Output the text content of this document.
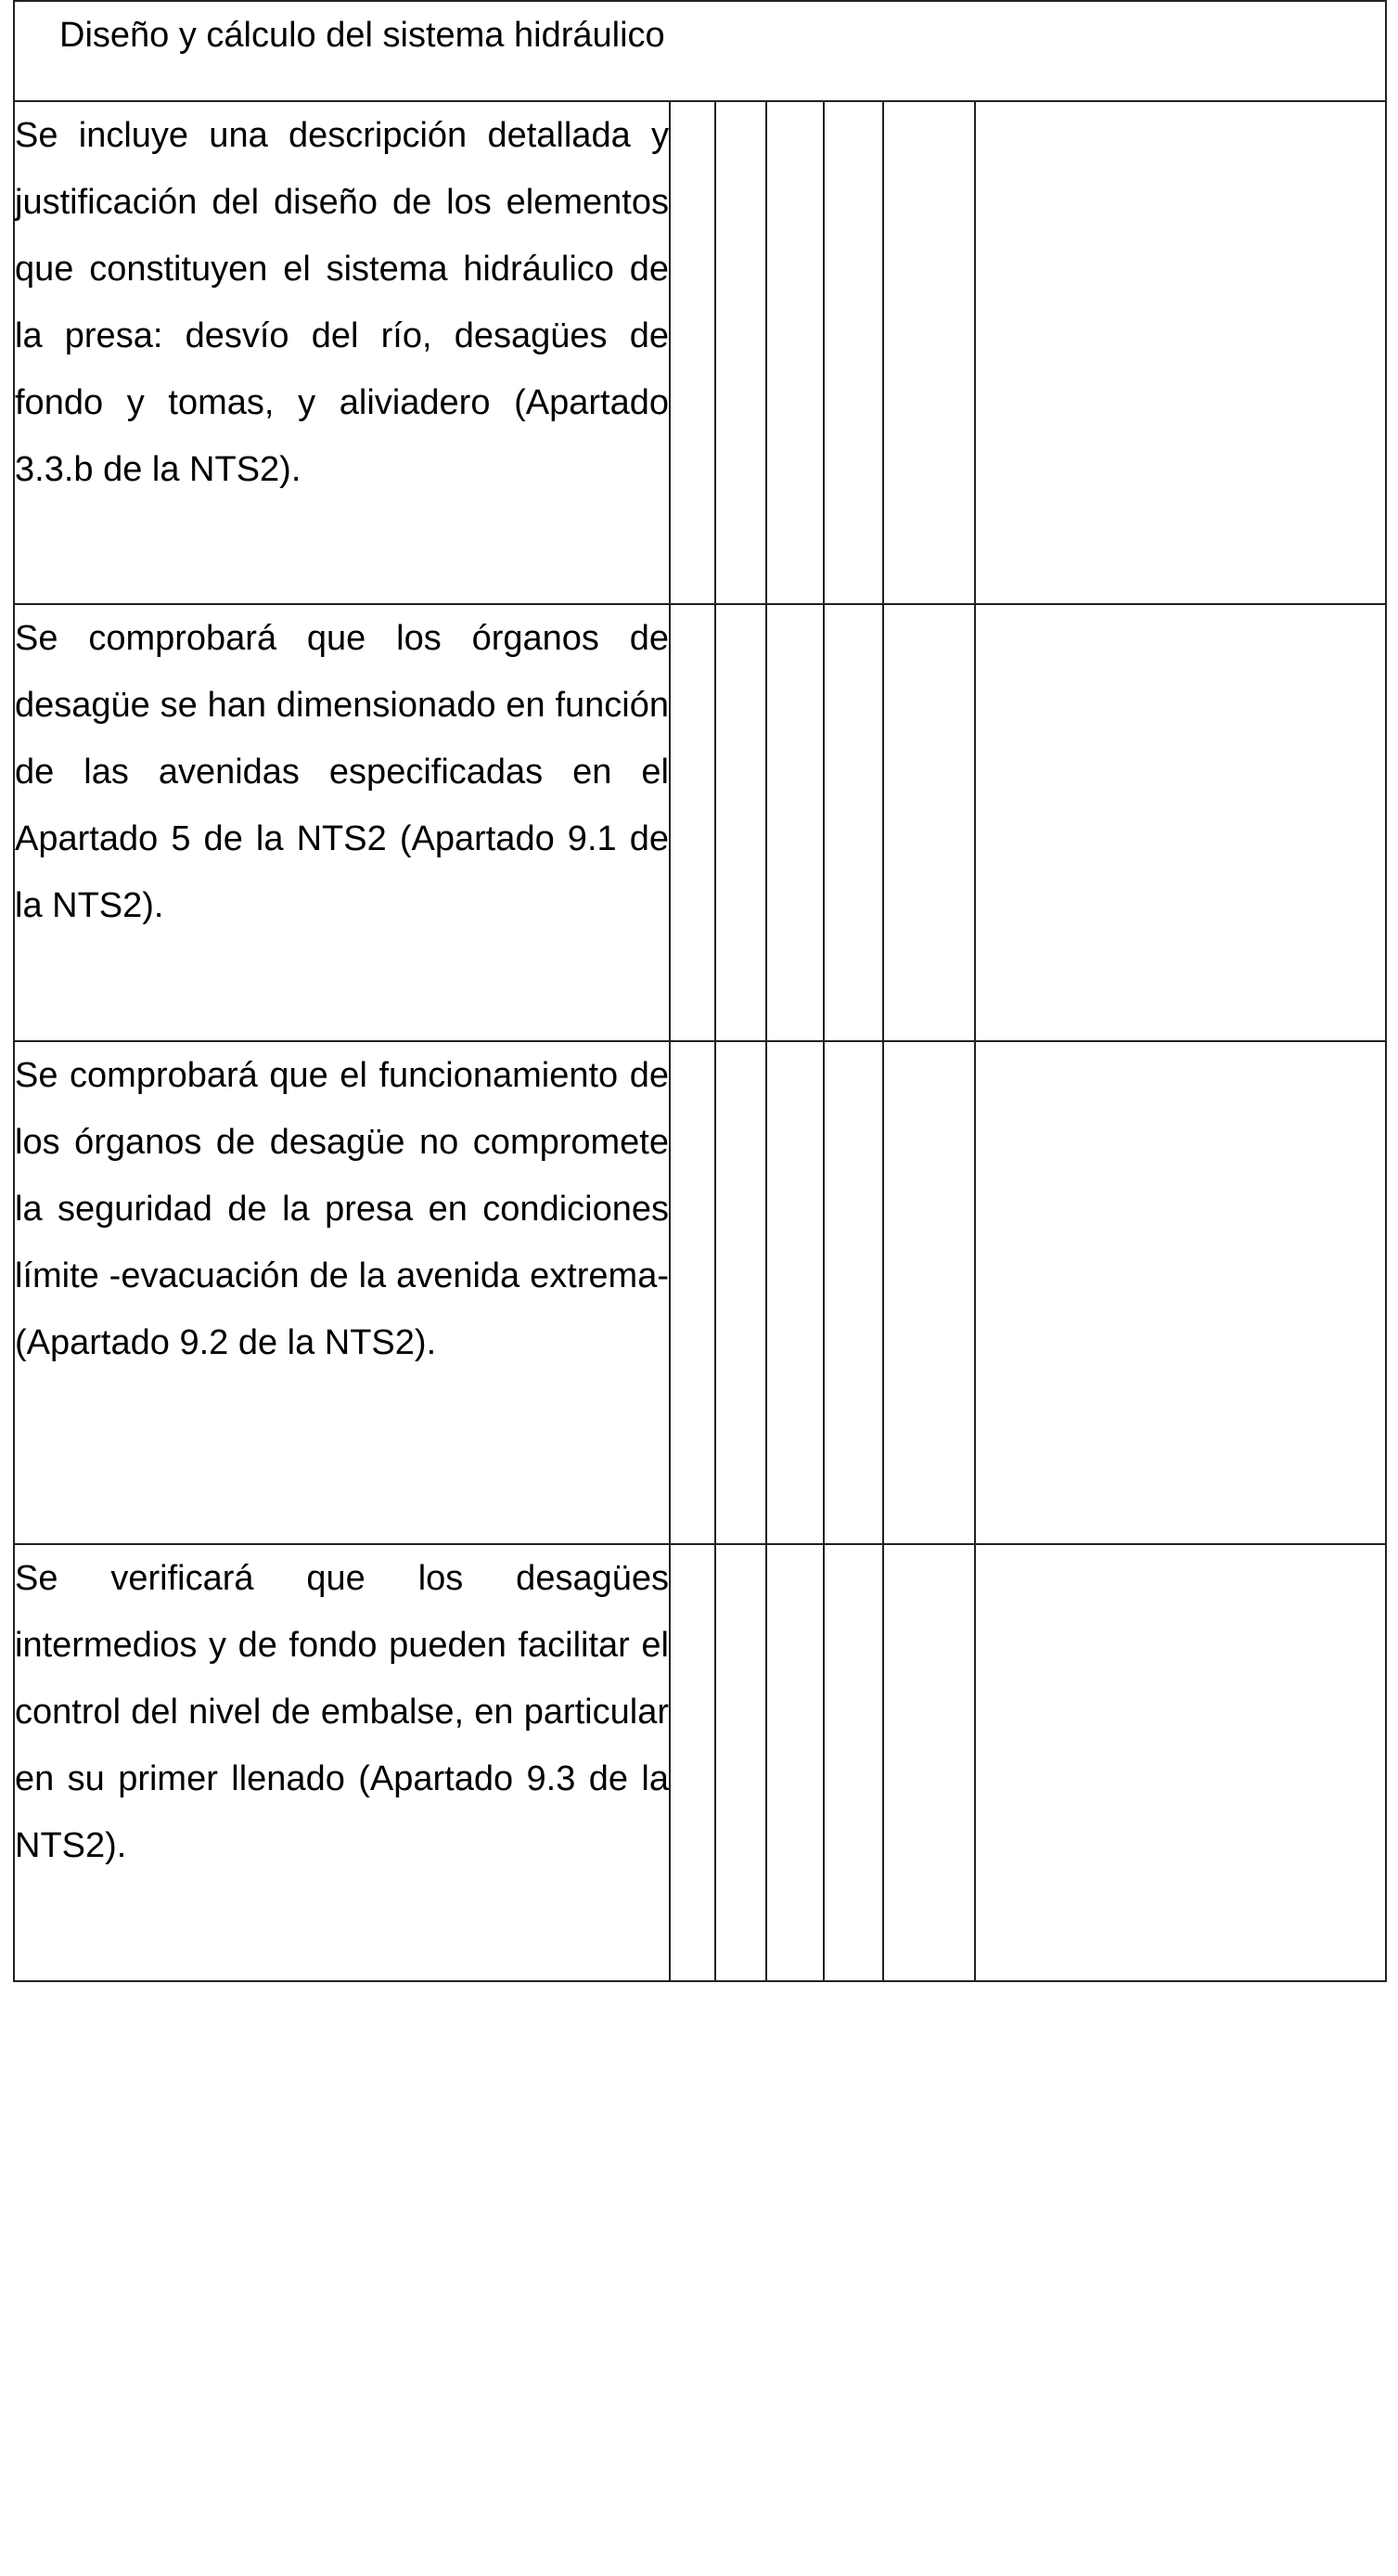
Diseño y cálculo del sistema hidráulico						
Se incluye una descripción detallada y justificación del diseño de los elementos que constituyen el sistema hidráulico de la presa: desvío del río, desagües de fondo y tomas, y aliviadero (Apartado 3.3.b de la NTS2).						
Se comprobará que los órganos de desagüe se han dimensionado en función de las avenidas especificadas en el Apartado 5 de la NTS2 (Apartado 9.1 de la NTS2).						
Se comprobará que el funcionamiento de los órganos de desagüe no compromete la seguridad de la presa en condiciones límite -evacuación de la avenida extrema- (Apartado 9.2 de la NTS2).						
Se verificará que los desagües intermedios y de fondo pueden facilitar el control del nivel de embalse, en particular en su primer llenado (Apartado 9.3 de la NTS2).						
